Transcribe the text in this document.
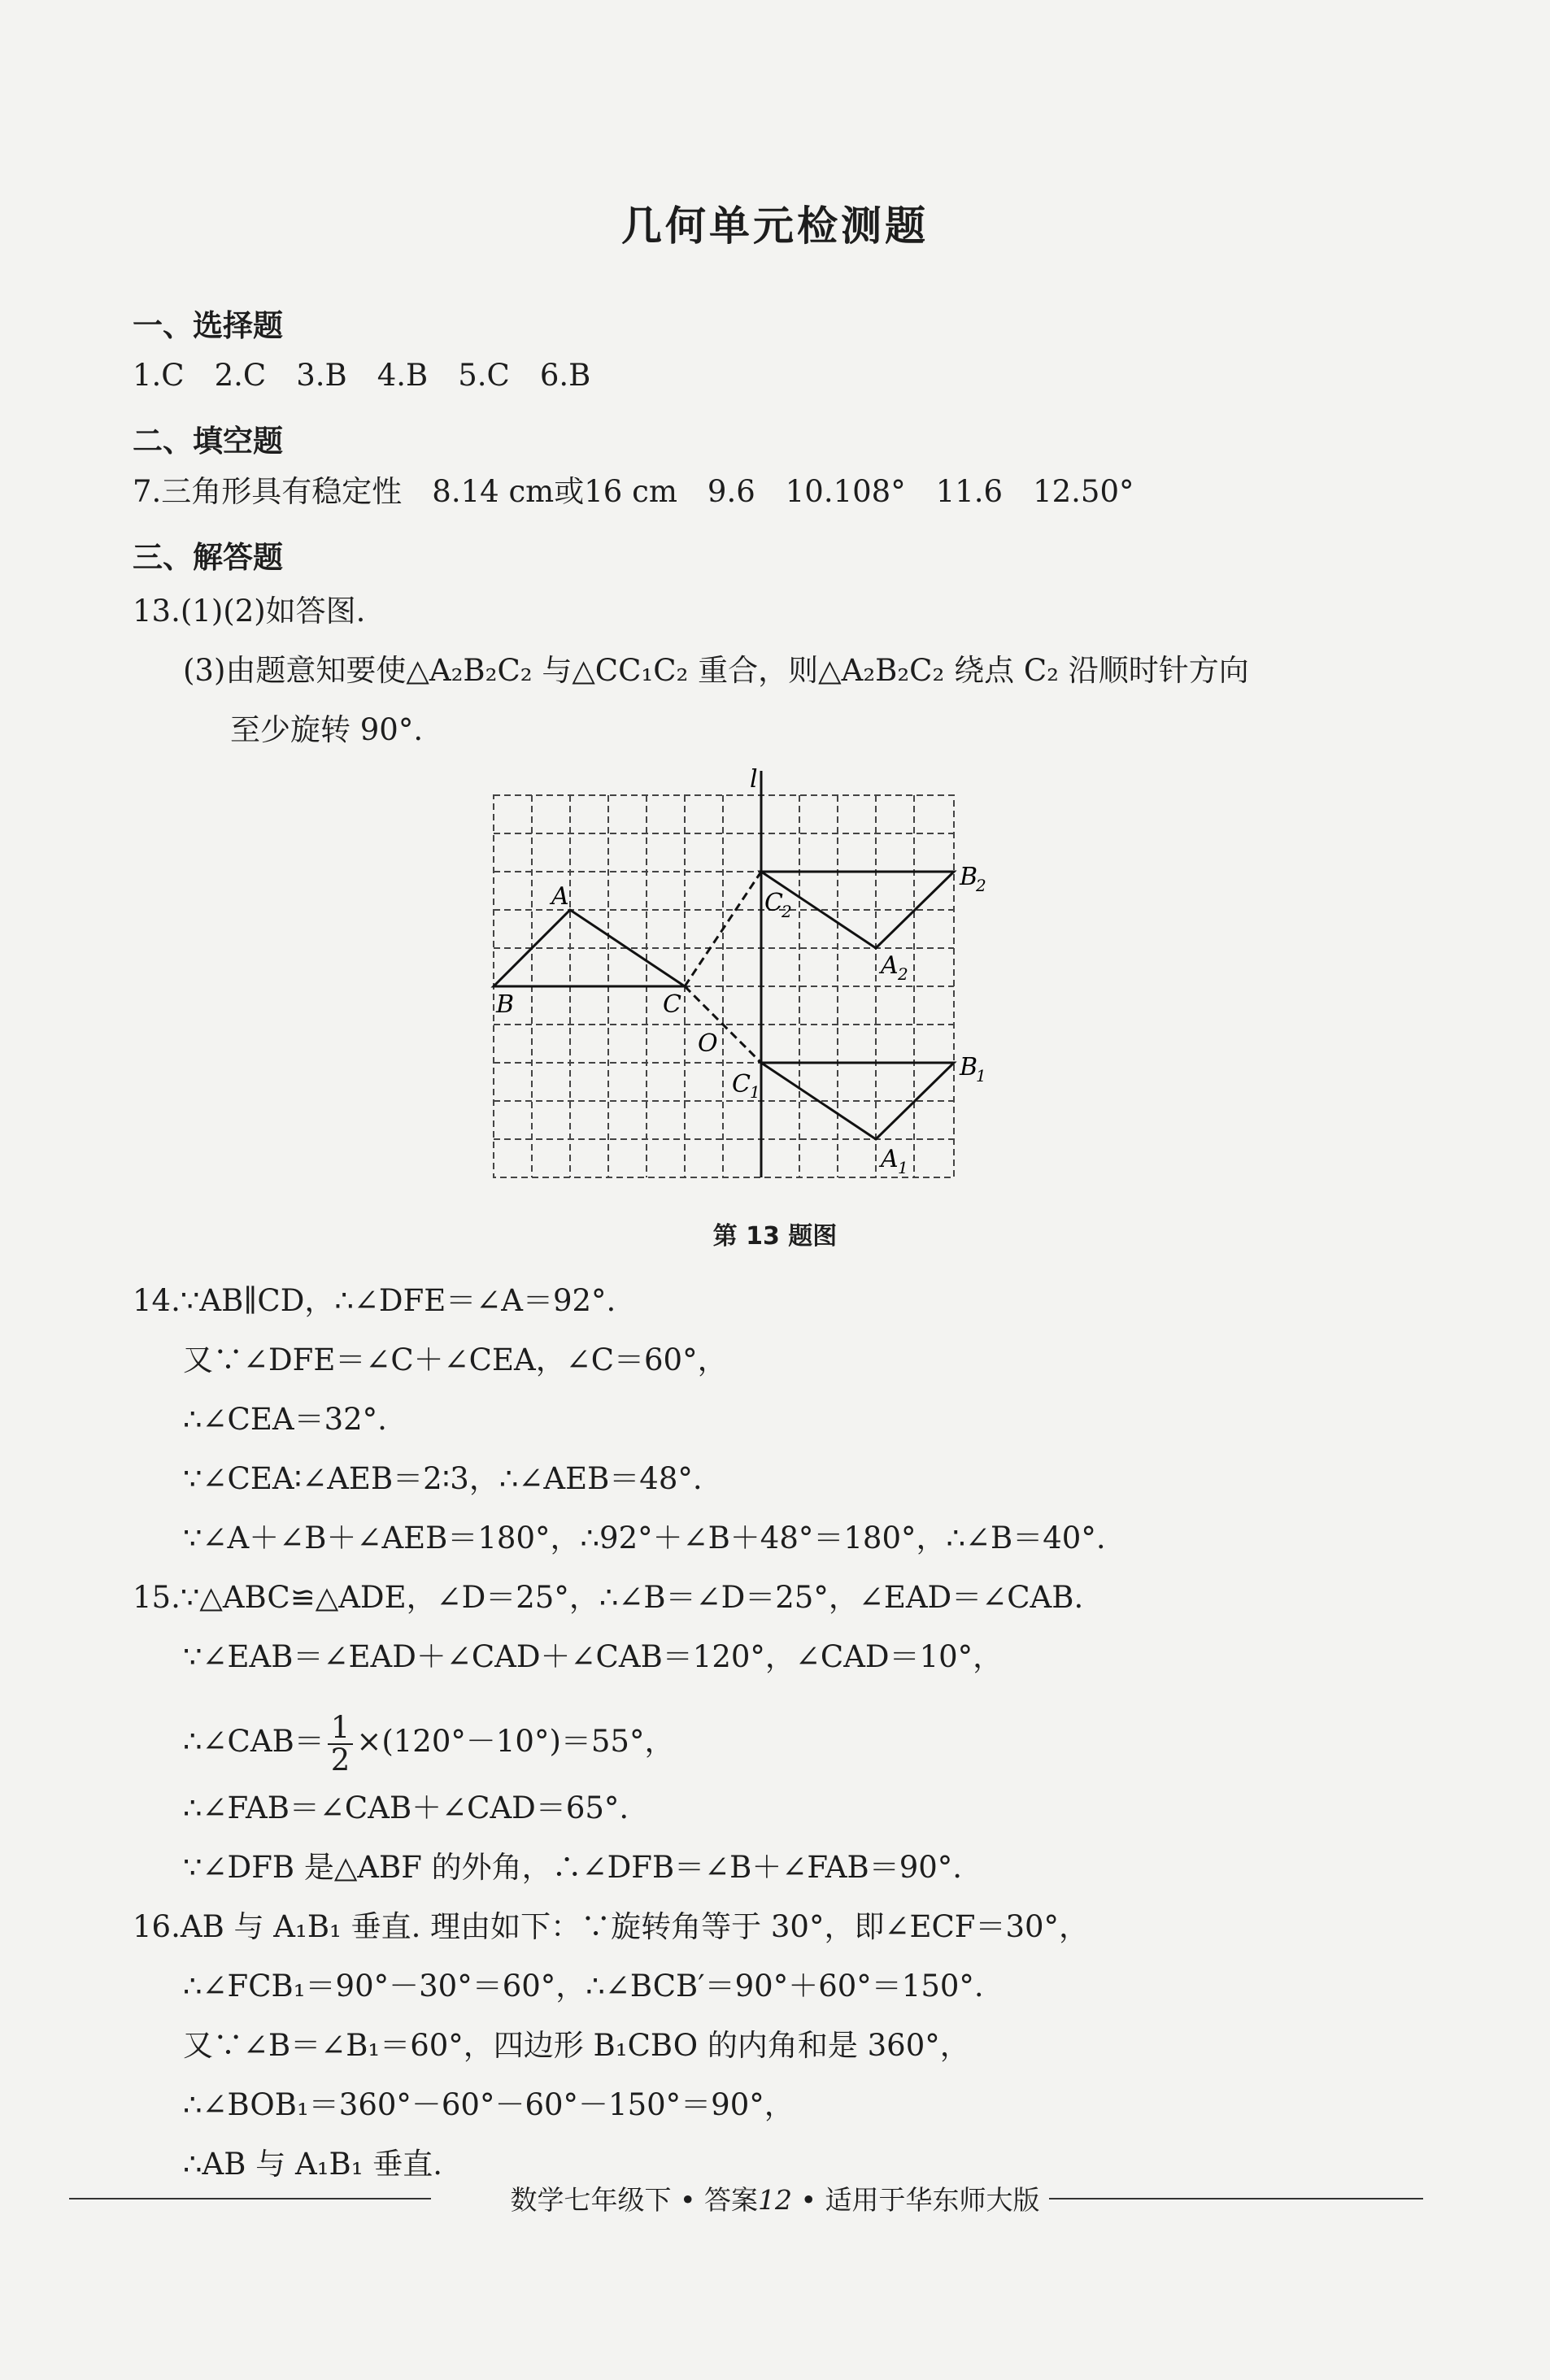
几何单元检测题
一、选择题
1.C　2.C　3.B　4.B　5.C　6.B
二、填空题
7.三角形具有稳定性　8.14 cm或16 cm　9.6　10.108°　11.6　12.50°
三、解答题
13.(1)(2)如答图.
(3)由题意知要使△A₂B₂C₂ 与△CC₁C₂ 重合，则△A₂B₂C₂ 绕点 C₂ 沿顺时针方向
至少旋转 90°.
l
A
B	C
O
C 1
B
1
A 1
C
2
B
2
A 2
第 13 题图
14.∵AB∥CD，∴∠DFE＝∠A＝92°.
又∵∠DFE＝∠C＋∠CEA，∠C＝60°，
∴∠CEA＝32°.
∵∠CEA∶∠AEB＝2∶3，∴∠AEB＝48°.
∵∠A＋∠B＋∠AEB＝180°，∴92°＋∠B＋48°＝180°，∴∠B＝40°.
15.∵△ABC≌△ADE，∠D＝25°，∴∠B＝∠D＝25°，∠EAD＝∠CAB.
∵∠EAB＝∠EAD＋∠CAD＋∠CAB＝120°，∠CAD＝10°，
∴∠CAB＝ $\frac{1}{2} \times(120^\circ-10^\circ)=55^\circ$，
∴∠FAB＝∠CAB＋∠CAD＝65°.
∵∠DFB 是△ABF 的外角，∴∠DFB＝∠B＋∠FAB＝90°.
16.AB 与 A₁B₁ 垂直. 理由如下：∵旋转角等于 30°，即∠ECF＝30°，
∴∠FCB₁＝90°－30°＝60°，∴∠BCB′＝90°＋60°＝150°.
又∵∠B＝∠B₁＝60°，四边形 B₁CBO 的内角和是 360°，
∴∠BOB₁＝360°－60°－60°－150°＝90°，
∴AB 与 A₁B₁ 垂直.
数学七年级下 • 答案12 • 适用于华东师大版
